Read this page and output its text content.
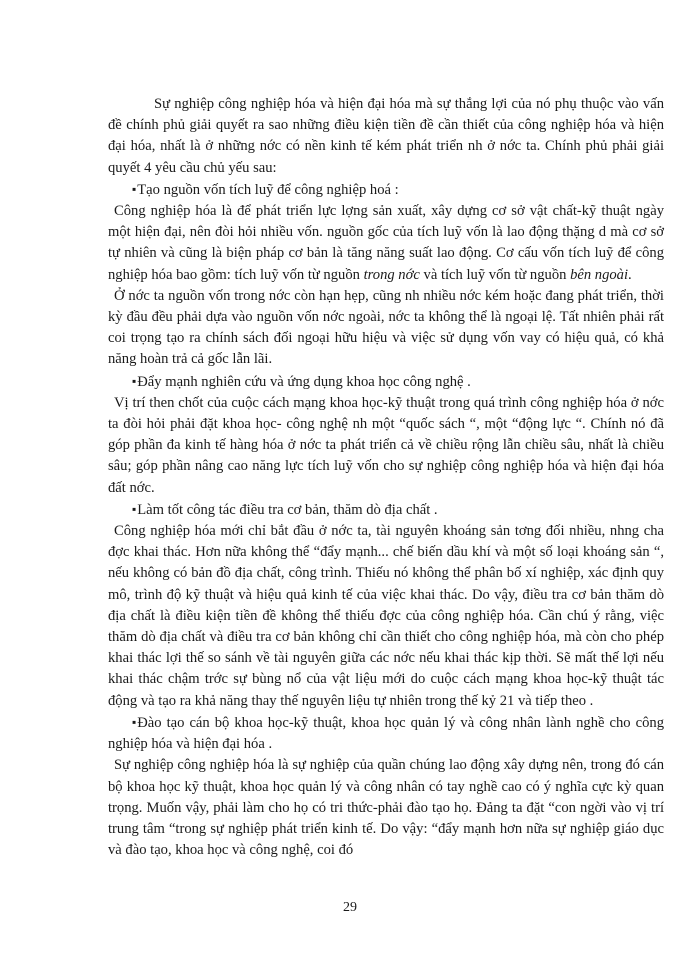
Sự nghiệp công nghiệp hóa và hiện đại hóa mà sự thắng lợi của nó phụ thuộc vào vấn đề chính phủ giải quyết ra sao những điều kiện tiền đề cần thiết của công nghiệp hóa và hiện đại hóa, nhất là ở những nớc có nền kinh tế kém phát triển nh ở nớc ta. Chính phủ phải giải quyết 4 yêu cầu chủ yếu sau:

▪Tạo nguồn vốn tích luỹ để công nghiệp hoá :

Công nghiệp hóa là để phát triển lực lợng sản xuất, xây dựng cơ sở vật chất-kỹ thuật ngày một hiện đại, nên đòi hỏi nhiều vốn. nguồn gốc của tích luỹ vốn là lao động thặng d mà cơ sở tự nhiên và cũng là biện pháp cơ bản là tăng năng suất lao động. Cơ cấu vốn tích luỹ để công nghiệp hóa bao gồm: tích luỹ vốn từ nguồn trong nớc và tích luỹ vốn từ nguồn bên ngoài.

Ở nớc ta nguồn vốn trong nớc còn hạn hẹp, cũng nh nhiều nớc kém hoặc đang phát triển, thời kỳ đầu đều phải dựa vào nguồn vốn nớc ngoài, nớc ta không thể là ngoại lệ. Tất nhiên phải rất coi trọng tạo ra chính sách đối ngoại hữu hiệu và việc sử dụng vốn vay có hiệu quả, có khả năng hoàn trả cả gốc lẫn lãi.

▪Đẩy mạnh nghiên cứu và ứng dụng khoa học công nghệ .

Vị trí then chốt của cuộc cách mạng khoa học-kỹ thuật trong quá trình công nghiệp hóa ở nớc ta đòi hỏi phải đặt khoa học- công nghệ nh một “quốc sách “, một “động lực “. Chính nó đã góp phần đa kinh tế hàng hóa ở nớc ta phát triển cả về chiều rộng lẫn chiều sâu, nhất là chiều sâu; góp phần nâng cao năng lực tích luỹ vốn cho sự nghiệp công nghiệp hóa và hiện đại hóa đất nớc.

▪Làm tốt công tác điều tra cơ bản, thăm dò địa chất .

Công nghiệp hóa mới chỉ bắt đầu ở nớc ta, tài nguyên khoáng sản tơng đối nhiều, nhng cha đợc khai thác. Hơn nữa không thể “đẩy mạnh... chế biến dầu khí và một số loại khoáng sản “, nếu không có bản đồ địa chất, công trình. Thiếu nó không thể phân bố xí nghiệp, xác định quy mô, trình độ kỹ thuật và hiệu quả kinh tế của việc khai thác. Do vậy, điều tra cơ bản thăm dò địa chất là điều kiện tiền đề không thể thiếu đợc của công nghiệp hóa. Cần chú ý rằng, việc thăm dò địa chất và điều tra cơ bản không chỉ cần thiết cho công nghiệp hóa, mà còn cho phép khai thác lợi thế so sánh về tài nguyên giữa các nớc nếu khai thác kịp thời. Sẽ mất thế lợi nếu khai thác chậm trớc sự bùng nổ của vật liệu mới do cuộc cách mạng khoa học-kỹ thuật tác động và tạo ra khả năng thay thế nguyên liệu tự nhiên trong thế kỷ 21 và tiếp theo .

▪Đào tạo cán bộ khoa học-kỹ thuật, khoa học quản lý và công nhân lành nghề cho công nghiệp hóa và hiện đại hóa .

Sự nghiệp công nghiệp hóa là sự nghiệp của quần chúng lao động xây dựng nên, trong đó cán bộ khoa học kỹ thuật, khoa học quản lý và công nhân có tay nghề cao có ý nghĩa cực kỳ quan trọng. Muốn vậy, phải làm cho họ có tri thức-phải đào tạo họ. Đảng ta đặt “con ngời vào vị trí trung tâm “trong sự nghiệp phát triển kinh tế. Do vậy: “đẩy mạnh hơn nữa sự nghiệp giáo dục và đào tạo, khoa học và công nghệ, coi đó

29
